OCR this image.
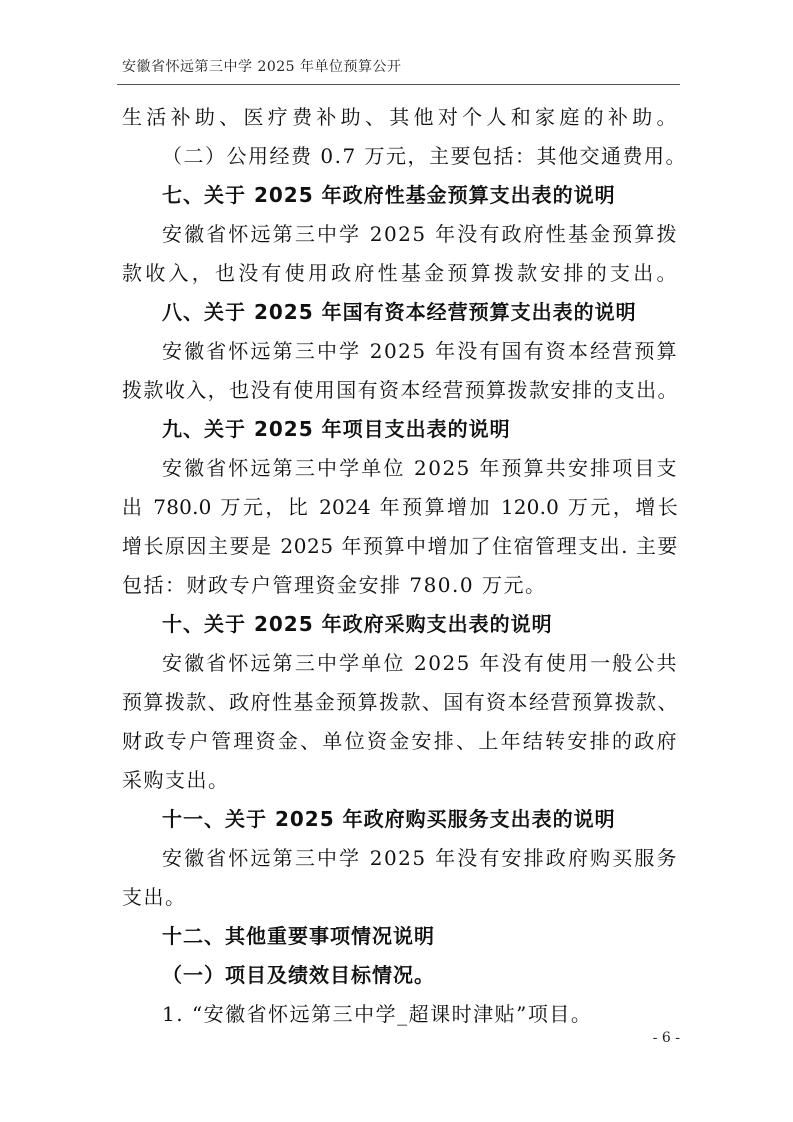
安徽省怀远第三中学 2025 年单位预算公开
生活补助、医疗费补助、其他对个人和家庭的补助。
（二）公用经费 0.7 万元，主要包括：其他交通费用。
七、关于 2025 年政府性基金预算支出表的说明
安徽省怀远第三中学 2025 年没有政府性基金预算拨
款收入，也没有使用政府性基金预算拨款安排的支出。
八、关于 2025 年国有资本经营预算支出表的说明
安徽省怀远第三中学 2025 年没有国有资本经营预算
拨款收入，也没有使用国有资本经营预算拨款安排的支出。
九、关于 2025 年项目支出表的说明
安徽省怀远第三中学单位 2025 年预算共安排项目支
出 780.0 万元，比 2024 年预算增加 120.0 万元，增长
增长原因主要是 2025 年预算中增加了住宿管理支出. 主要
包括：财政专户管理资金安排 780.0 万元。
十、关于 2025 年政府采购支出表的说明
安徽省怀远第三中学单位 2025 年没有使用一般公共
预算拨款、政府性基金预算拨款、国有资本经营预算拨款、
财政专户管理资金、单位资金安排、上年结转安排的政府
采购支出。
十一、关于 2025 年政府购买服务支出表的说明
安徽省怀远第三中学 2025 年没有安排政府购买服务
支出。
十二、其他重要事项情况说明
（一）项目及绩效目标情况。
1. “安徽省怀远第三中学_超课时津贴”项目。
- 6 -
